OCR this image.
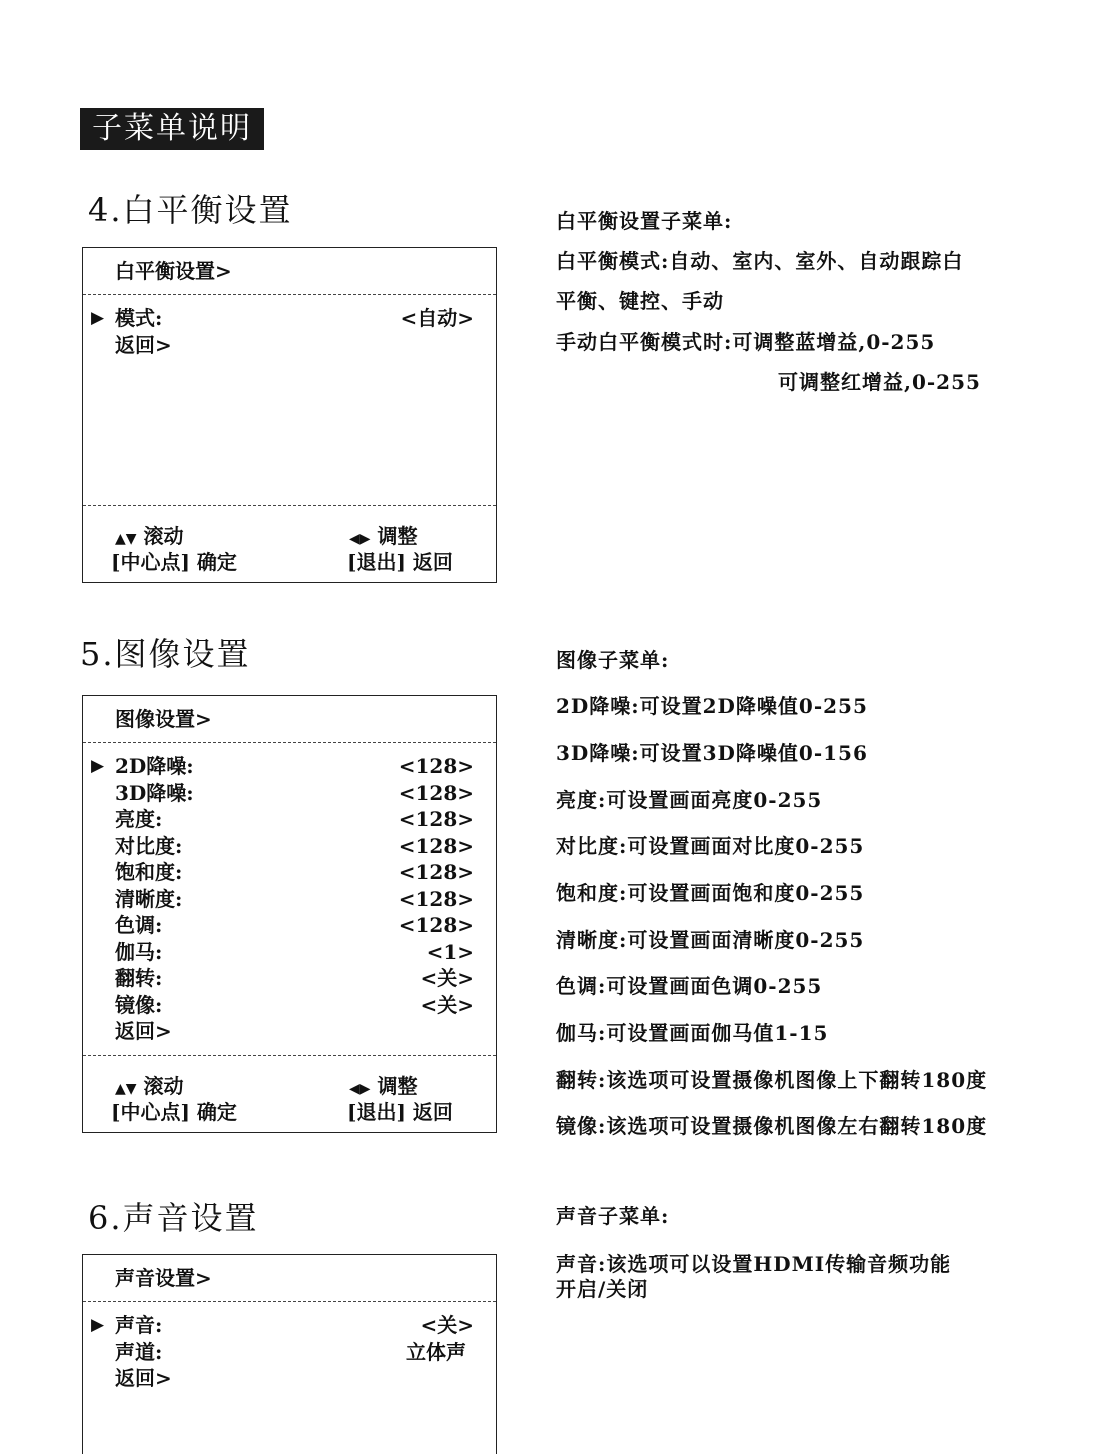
子菜单说明
4.白平衡设置
白平衡设置>
▶ 模式:	<自动>
返回>
▲▼ 滚动	◀▶ 调整
[中心点] 确定	[退出] 返回
白平衡设置子菜单:
白平衡模式:自动、室内、室外、自动跟踪白
平衡、键控、手动
手动白平衡模式时:可调整蓝增益,0-255
可调整红增益,0-255
5.图像设置
图像设置>
▶ 2D降噪:	<128>
3D降噪:	<128>
亮度:	<128>
对比度:	<128>
饱和度:	<128>
清晰度:	<128>
色调:	<128>
伽马:	<1>
翻转:	<关>
镜像:	<关>
返回>
▲▼ 滚动	◀▶ 调整
[中心点] 确定	[退出] 返回
图像子菜单:
2D降噪:可设置2D降噪值0-255
3D降噪:可设置3D降噪值0-156
亮度:可设置画面亮度0-255
对比度:可设置画面对比度0-255
饱和度:可设置画面饱和度0-255
清晰度:可设置画面清晰度0-255
色调:可设置画面色调0-255
伽马:可设置画面伽马值1-15
翻转:该选项可设置摄像机图像上下翻转180度
镜像:该选项可设置摄像机图像左右翻转180度
6.声音设置
声音设置>
▶ 声音:	<关>
声道:	立体声
返回>
声音子菜单:
声音:该选项可以设置HDMI传输音频功能
开启/关闭
